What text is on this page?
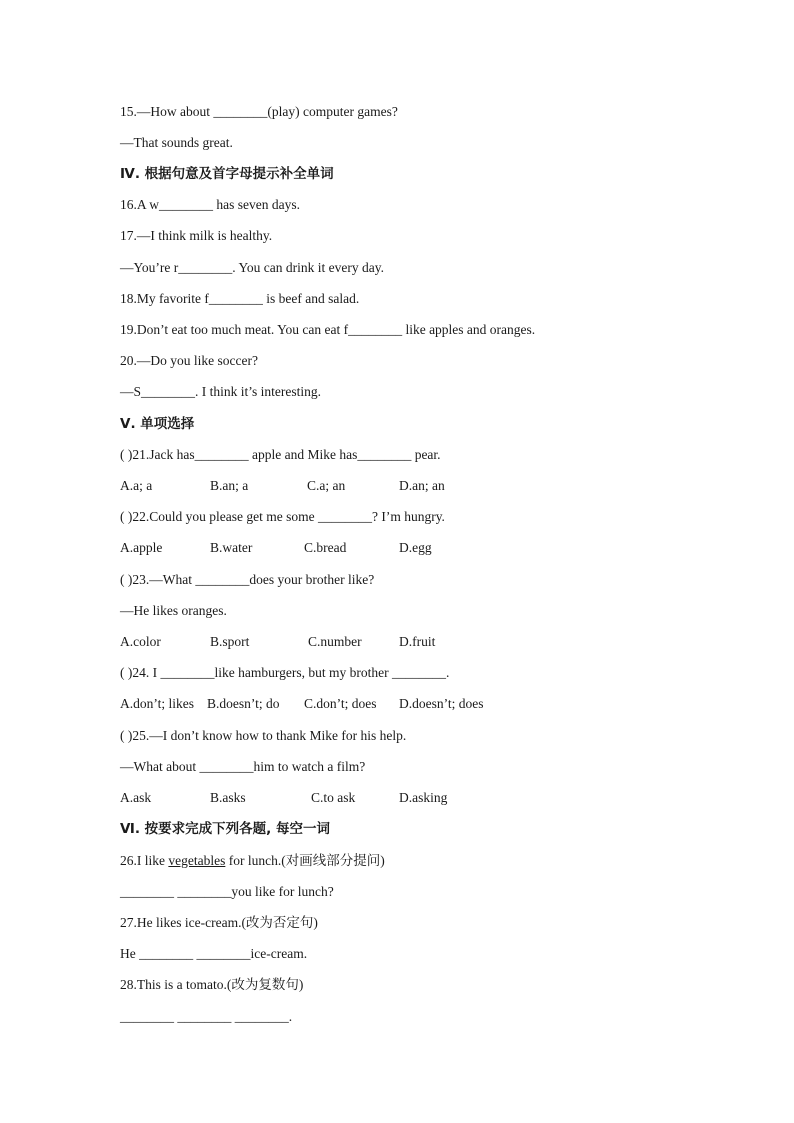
15.—How about ________(play) computer games?
—That sounds great.
Ⅳ. 根据句意及首字母提示补全单词
16.A w________ has seven days.
17.—I think milk is healthy.
—You’re r________. You can drink it every day.
18.My favorite f________ is beef and salad.
19.Don’t eat too much meat. You can eat f________ like apples and oranges.
20.—Do you like soccer?
—S________. I think it’s interesting.
Ⅴ. 单项选择
( )21.Jack has________ apple and Mike has________ pear.
A.a; a	B.an; a	C.a; an	D.an; an
( )22.Could you please get me some ________? I’m hungry.
A.apple	B.water	C.bread	D.egg
( )23.—What ________does your brother like?
—He likes oranges.
A.color	B.sport	C.number	D.fruit
( )24. I ________like hamburgers, but my brother ________.
A.don’t; likes B.doesn’t; do C.don’t; does D.doesn’t; does
( )25.—I don’t know how to thank Mike for his help.
—What about ________him to watch a film?
A.ask	B.asks	C.to ask	D.asking
Ⅵ. 按要求完成下列各题, 每空一词
26.I like vegetables for lunch.(对画线部分提问)
________ ________you like for lunch?
27.He likes ice-cream.(改为否定句)
He ________ ________ice-cream.
28.This is a tomato.(改为复数句)
________ ________ ________.
